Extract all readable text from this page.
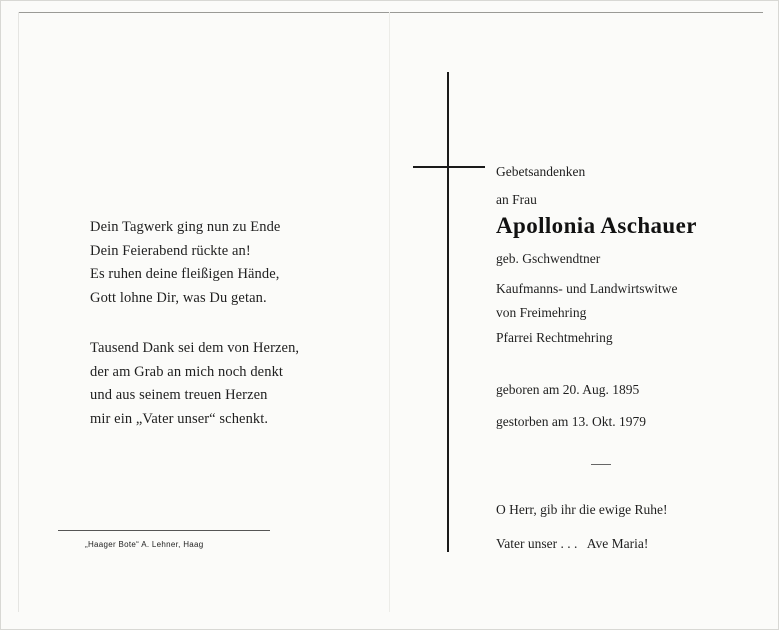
Dein Tagwerk ging nun zu Ende
Dein Feierabend rückte an!
Es ruhen deine fleißigen Hände,
Gott lohne Dir, was Du getan.
Tausend Dank sei dem von Herzen,
der am Grab an mich noch denkt
und aus seinem treuen Herzen
mir ein „Vater unser“ schenkt.
„Haager Bote“ A. Lehner, Haag
Gebetsandenken
an Frau
Apollonia Aschauer
geb. Gschwendtner
Kaufmanns- und Landwirtswitwe
von Freimehring
Pfarrei Rechtmehring
geboren am 20. Aug. 1895
gestorben am 13. Okt. 1979
O Herr, gib ihr die ewige Ruhe!
Vater unser . . .   Ave Maria!
